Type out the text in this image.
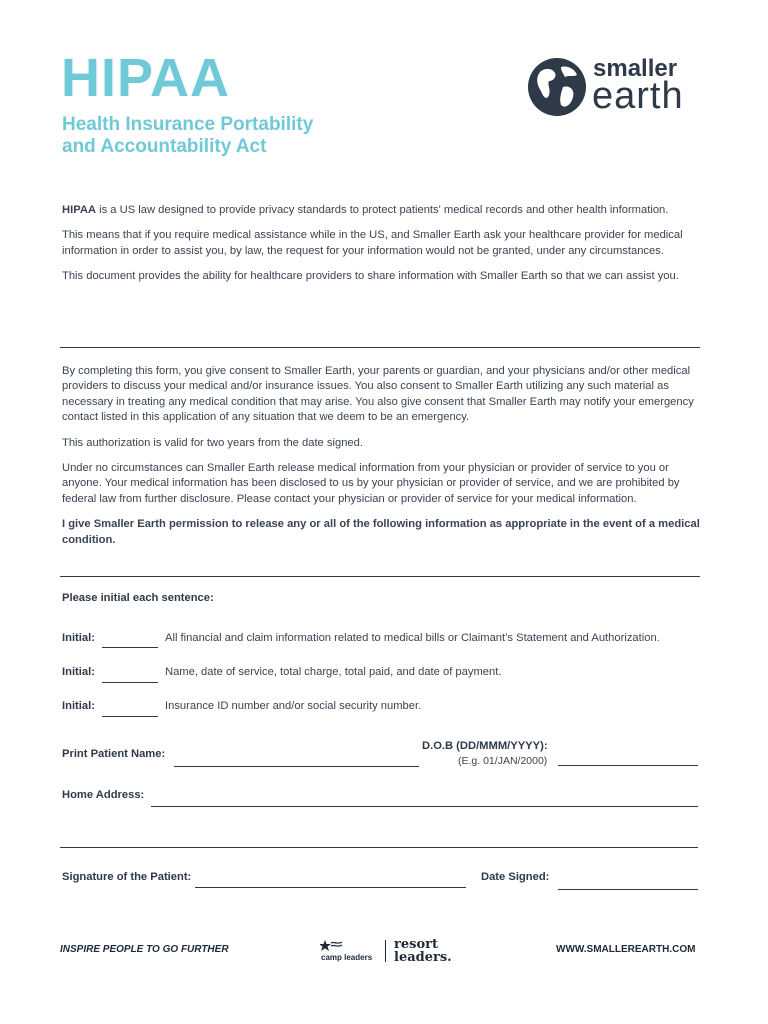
HIPAA
Health Insurance Portability
and Accountability Act
smaller
earth

HIPAA is a US law designed to provide privacy standards to protect patients' medical records and other health information.

This means that if you require medical assistance while in the US, and Smaller Earth ask your healthcare provider for medical information in order to assist you, by law, the request for your information would not be granted, under any circumstances.

This document provides the ability for healthcare providers to share information with Smaller Earth so that we can assist you.

By completing this form, you give consent to Smaller Earth, your parents or guardian, and your physicians and/or other medical providers to discuss your medical and/or insurance issues. You also consent to Smaller Earth utilizing any such material as necessary in treating any medical condition that may arise. You also give consent that Smaller Earth may notify your emergency contact listed in this application of any situation that we deem to be an emergency.

This authorization is valid for two years from the date signed.

Under no circumstances can Smaller Earth release medical information from your physician or provider of service to you or anyone. Your medical information has been disclosed to us by your physician or provider of service, and we are prohibited by federal law from further disclosure. Please contact your physician or provider of service for your medical information.

I give Smaller Earth permission to release any or all of the following information as appropriate in the event of a medical condition.

Please initial each sentence:
Initial:	All financial and claim information related to medical bills or Claimant’s Statement and Authorization.
Initial:	Name, date of service, total charge, total paid, and date of payment.
Initial:	Insurance ID number and/or social security number.
Print Patient Name:
D.O.B (DD/MMM/YYYY):
(E.g. 01/JAN/2000)
Home Address:
Signature of the Patient:	Date Signed:
INSPIRE PEOPLE TO GO FURTHER
camp leaders
resort
leaders.
WWW.SMALLEREARTH.COM
